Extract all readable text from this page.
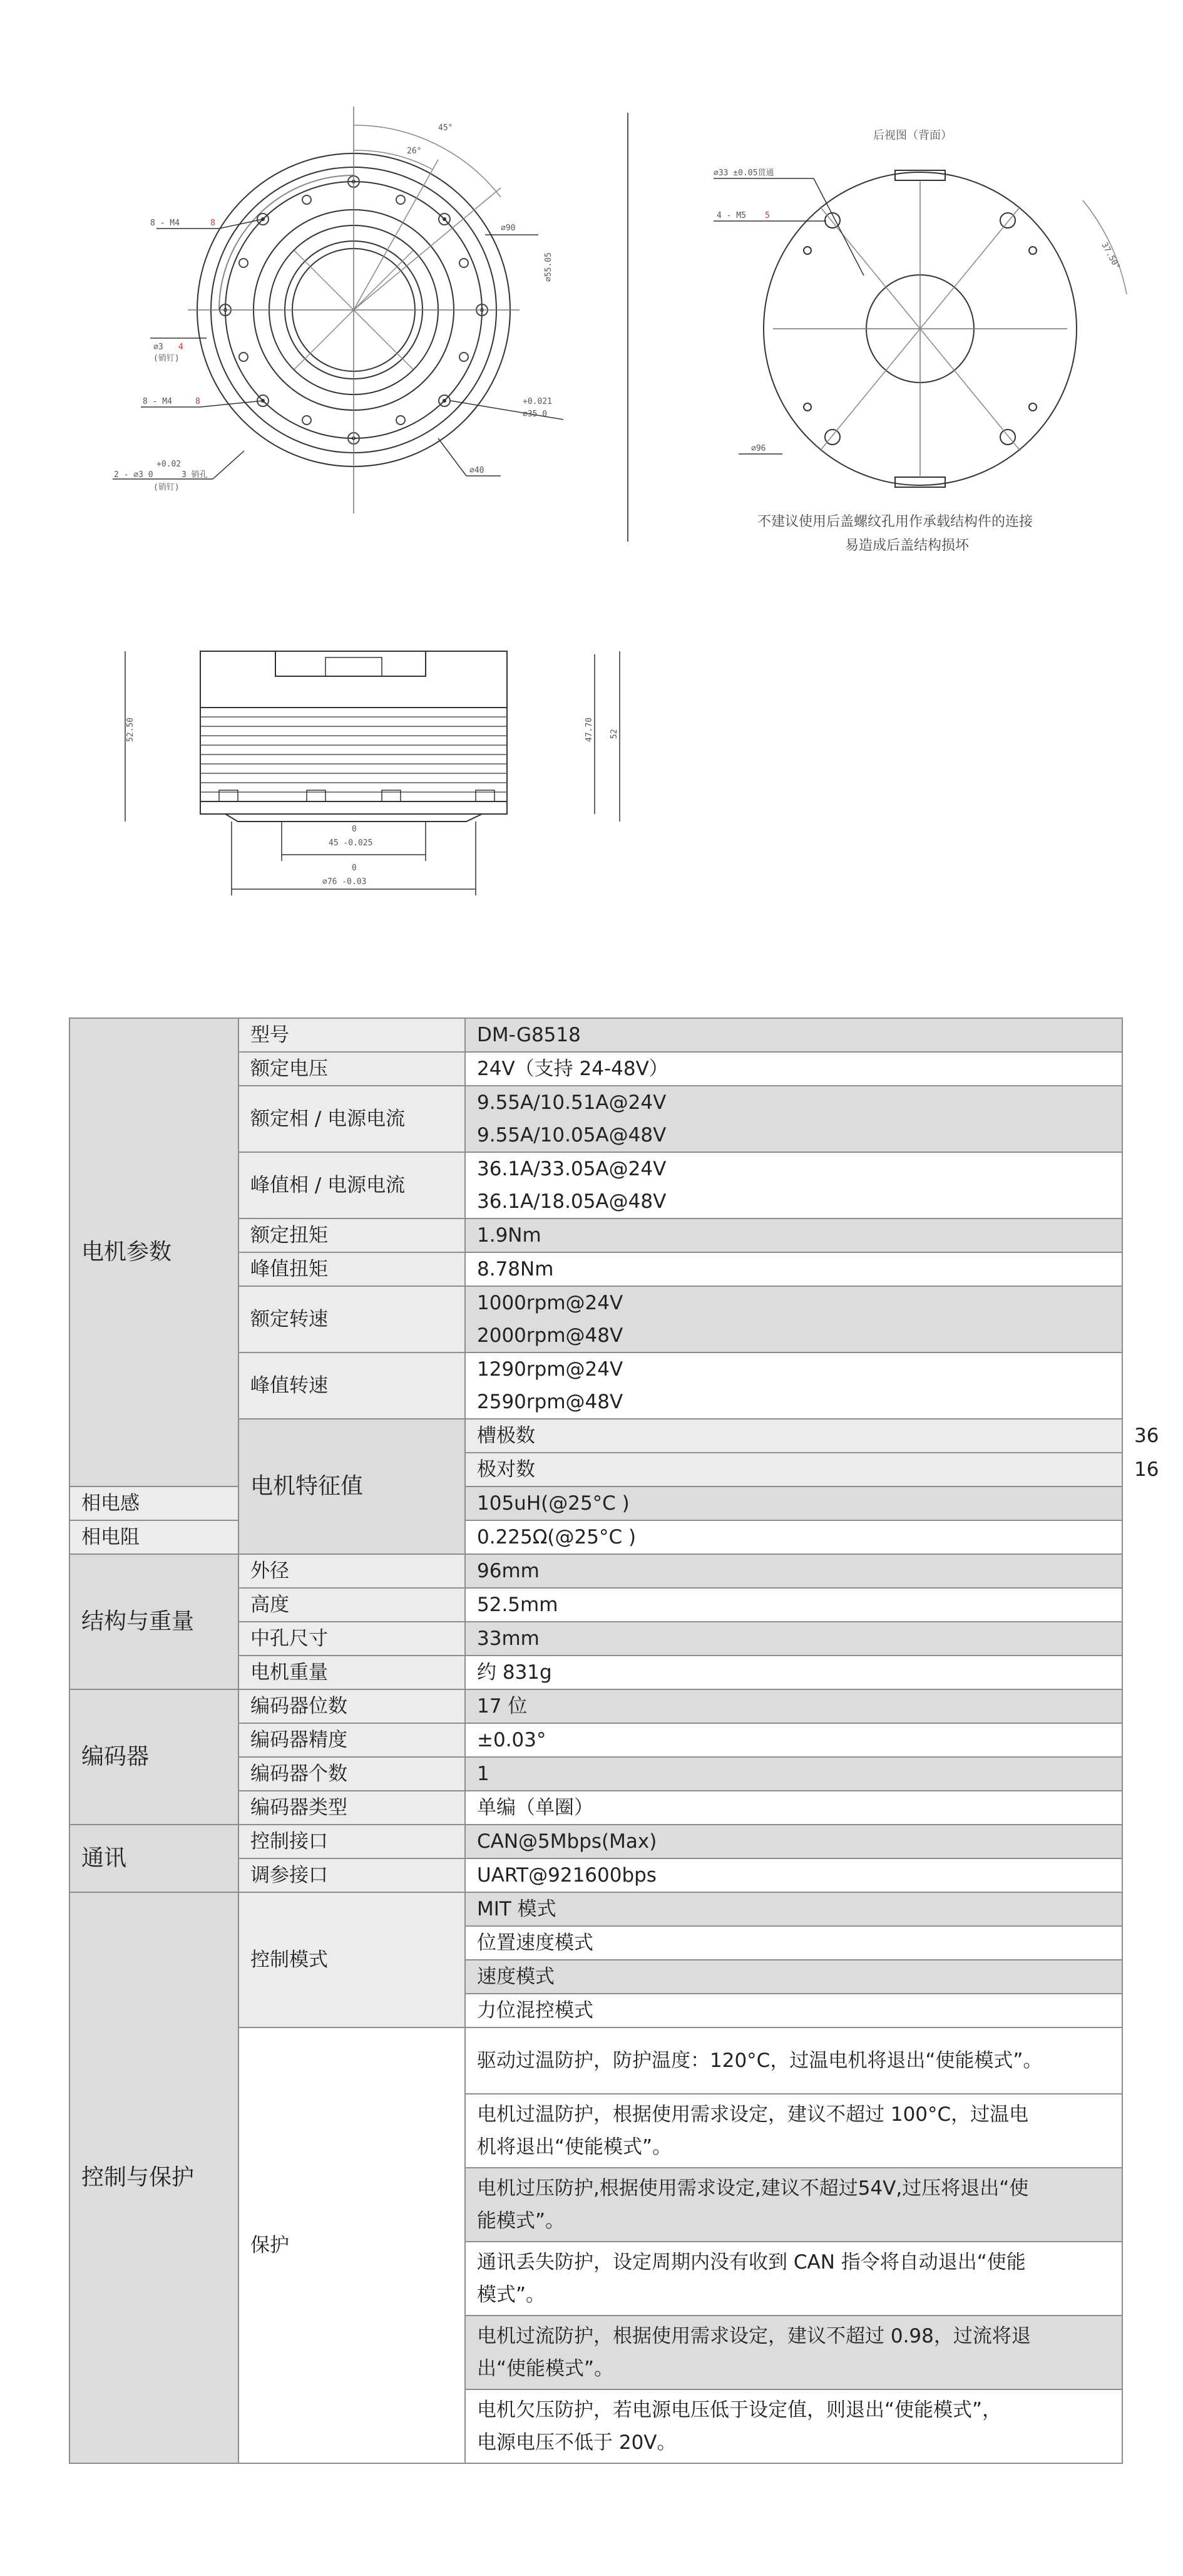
8 - M4	8
⌀3 4
(销钉)
8 - M4	8
+0.02
2 - ⌀3 0	3 销孔
(销钉)
45°
26°
⌀90
⌀55.05
+0.021
⌀35 0
⌀40
后视图（背面）
⌀33 ±0.05贯通
4 - M5 5
37.50°
⌀96
不建议使用后盖螺纹孔用作承载结构件的连接
易造成后盖结构损坏
52.50	47.70 52
0
45 -0.025
0
⌀76 -0.03
电机参数	型号	DM-G8518	
	额定电压	24V（支持 24-48V）	
	额定相 / 电源电流	9.55A/10.51A@24V
9.55A/10.05A@48V	

	峰值相 / 电源电流	36.1A/33.05A@24V
36.1A/18.05A@48V	

	额定扭矩	1.9Nm	
	峰值扭矩	8.78Nm	
	额定转速	1000rpm@24V
2000rpm@48V	

	峰值转速	1290rpm@24V
2590rpm@48V	

	电机特征值	槽极数	36
		极对数	16
相电感		105uH(@25°C )	
相电阻		0.225Ω(@25°C )	
结构与重量	外径	96mm	
	高度	52.5mm	
	中孔尺寸	33mm	
	电机重量	约 831g	
编码器	编码器位数	17 位	
	编码器精度	±0.03°	
	编码器个数	1	
	编码器类型	单编（单圈）	
通讯	控制接口	CAN@5Mbps(Max)	
	调参接口	UART@921600bps	
控制与保护	控制模式	MIT 模式	
		位置速度模式	
		速度模式	
		力位混控模式	
	保护	驱动过温防护，防护温度：120°C，过温电机将退出“使能模式”。	

		电机过温防护，根据使用需求设定，建议不超过 100°C，过温电
机将退出“使能模式”。	

		电机过压防护,根据使用需求设定,建议不超过54V,过压将退出“使
能模式”。	

		通讯丢失防护，设定周期内没有收到 CAN 指令将自动退出“使能
模式”。	

		电机过流防护，根据使用需求设定，建议不超过 0.98，过流将退
出“使能模式”。	

		电机欠压防护，若电源电压低于设定值，则退出“使能模式”，
电源电压不低于 20V。	
